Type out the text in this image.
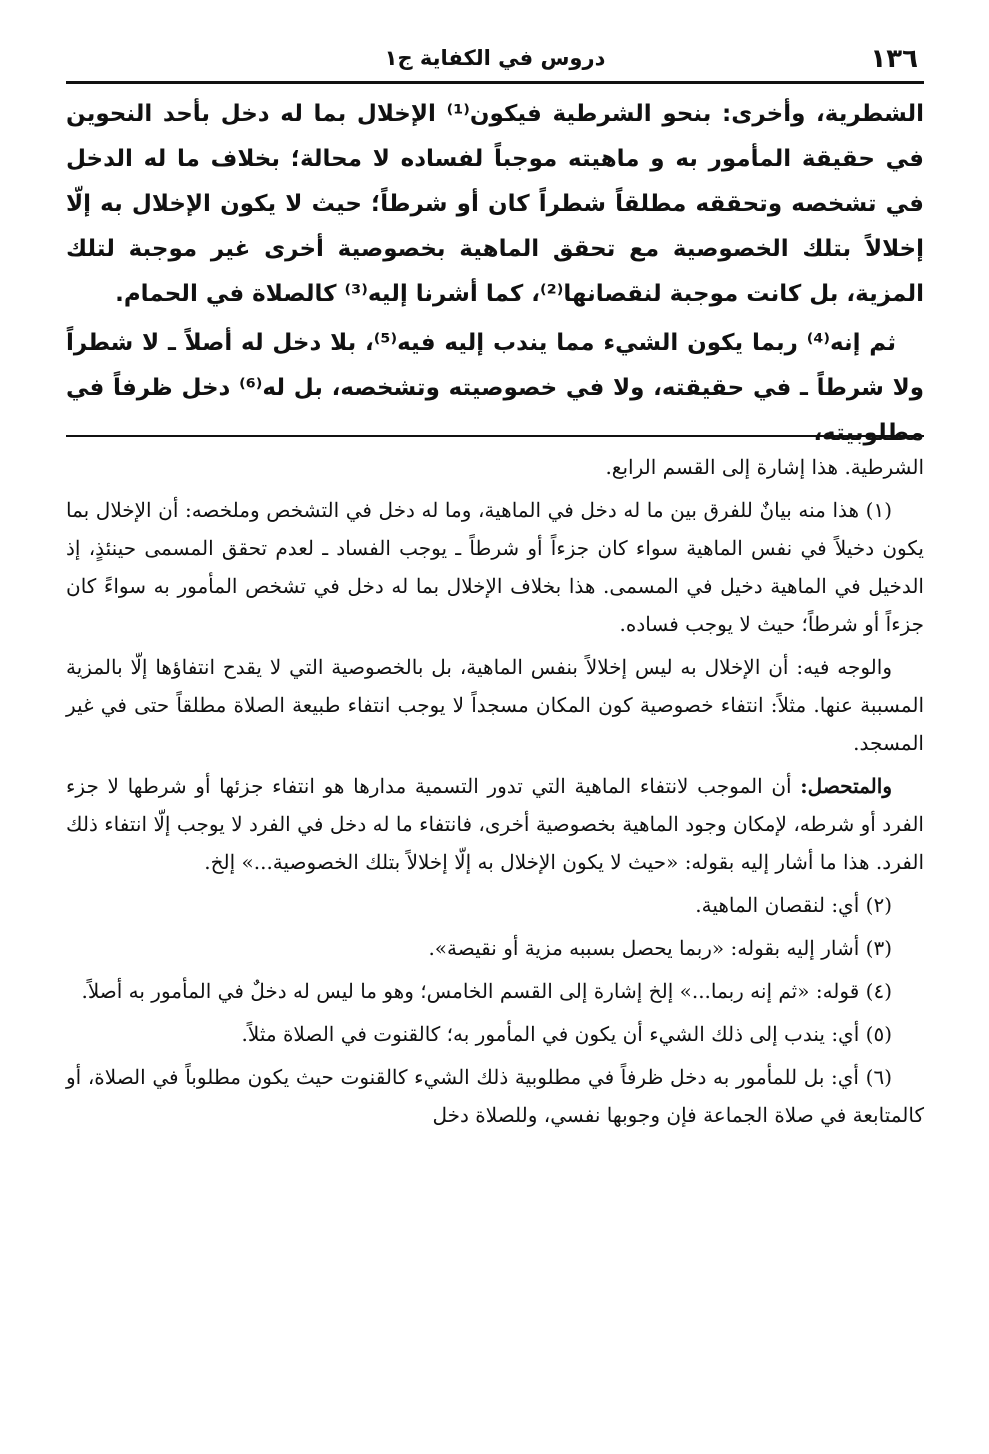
١٣٦
دروس في الكفاية ج١

الشطرية، وأخرى: بنحو الشرطية فيكون⁽¹⁾ الإخلال بما له دخل بأحد النحوين في حقيقة المأمور به و ماهيته موجباً لفساده لا محالة؛ بخلاف ما له الدخل في تشخصه وتحققه مطلقاً شطراً كان أو شرطاً؛ حيث لا يكون الإخلال به إلّا إخلالاً بتلك الخصوصية مع تحقق الماهية بخصوصية أخرى غير موجبة لتلك المزية، بل كانت موجبة لنقصانها⁽²⁾، كما أشرنا إليه⁽³⁾ كالصلاة في الحمام.

ثم إنه⁽⁴⁾ ربما يكون الشيء مما يندب إليه فيه⁽⁵⁾، بلا دخل له أصلاً ـ لا شطراً ولا شرطاً ـ في حقيقته، ولا في خصوصيته وتشخصه، بل له⁽⁶⁾ دخل ظرفاً في مطلوبيته،

الشرطية. هذا إشارة إلى القسم الرابع.

(١) هذا منه بيانٌ للفرق بين ما له دخل في الماهية، وما له دخل في التشخص وملخصه: أن الإخلال بما يكون دخيلاً في نفس الماهية سواء كان جزءاً أو شرطاً ـ يوجب الفساد ـ لعدم تحقق المسمى حينئذٍ، إذ الدخيل في الماهية دخيل في المسمى. هذا بخلاف الإخلال بما له دخل في تشخص المأمور به سواءً كان جزءاً أو شرطاً؛ حيث لا يوجب فساده.

والوجه فيه: أن الإخلال به ليس إخلالاً بنفس الماهية، بل بالخصوصية التي لا يقدح انتفاؤها إلّا بالمزية المسببة عنها. مثلاً: انتفاء خصوصية كون المكان مسجداً لا يوجب انتفاء طبيعة الصلاة مطلقاً حتى في غير المسجد.

والمتحصل: أن الموجب لانتفاء الماهية التي تدور التسمية مدارها هو انتفاء جزئها أو شرطها لا جزء الفرد أو شرطه، لإمكان وجود الماهية بخصوصية أخرى، فانتفاء ما له دخل في الفرد لا يوجب إلّا انتفاء ذلك الفرد. هذا ما أشار إليه بقوله: «حيث لا يكون الإخلال به إلّا إخلالاً بتلك الخصوصية...» إلخ.

(٢) أي: لنقصان الماهية.

(٣) أشار إليه بقوله: «ربما يحصل بسببه مزية أو نقيصة».

(٤) قوله: «ثم إنه ربما...» إلخ إشارة إلى القسم الخامس؛ وهو ما ليس له دخلٌ في المأمور به أصلاً.

(٥) أي: يندب إلى ذلك الشيء أن يكون في المأمور به؛ كالقنوت في الصلاة مثلاً.

(٦) أي: بل للمأمور به دخل ظرفاً في مطلوبية ذلك الشيء كالقنوت حيث يكون مطلوباً في الصلاة، أو كالمتابعة في صلاة الجماعة فإن وجوبها نفسي، وللصلاة دخل
